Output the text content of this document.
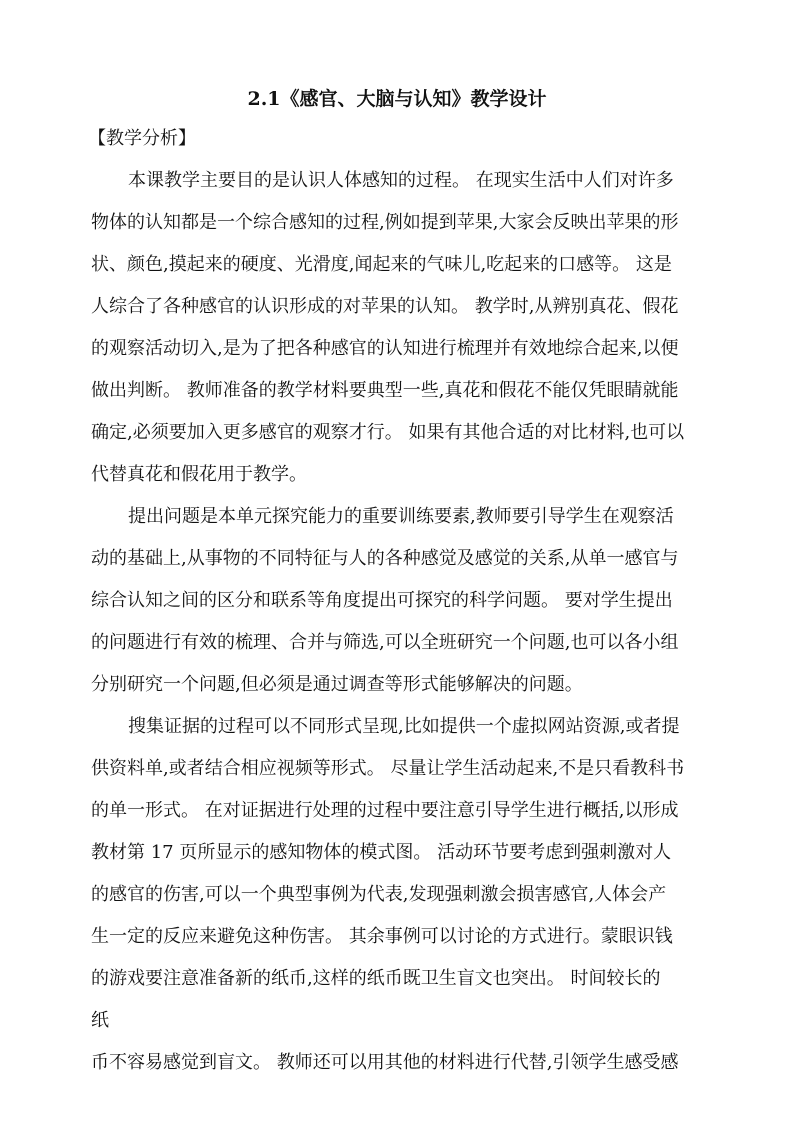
2.1《感官、大脑与认知》教学设计
【教学分析】
本课教学主要目的是认识人体感知的过程。 在现实生活中人们对许多
物体的认知都是一个综合感知的过程,例如提到苹果,大家会反映出苹果的形
状、颜色,摸起来的硬度、光滑度,闻起来的气味儿,吃起来的口感等。 这是
人综合了各种感官的认识形成的对苹果的认知。 教学时,从辨别真花、假花
的观察活动切入,是为了把各种感官的认知进行梳理并有效地综合起来,以便
做出判断。 教师准备的教学材料要典型一些,真花和假花不能仅凭眼睛就能
确定,必须要加入更多感官的观察才行。 如果有其他合适的对比材料,也可以
代替真花和假花用于教学。
提出问题是本单元探究能力的重要训练要素,教师要引导学生在观察活
动的基础上,从事物的不同特征与人的各种感觉及感觉的关系,从单一感官与
综合认知之间的区分和联系等角度提出可探究的科学问题。 要对学生提出
的问题进行有效的梳理、合并与筛选,可以全班研究一个问题,也可以各小组
分别研究一个问题,但必须是通过调查等形式能够解决的问题。
搜集证据的过程可以不同形式呈现,比如提供一个虚拟网站资源,或者提
供资料单,或者结合相应视频等形式。 尽量让学生活动起来,不是只看教科书
的单一形式。 在对证据进行处理的过程中要注意引导学生进行概括,以形成
教材第 17 页所显示的感知物体的模式图。 活动环节要考虑到强刺激对人
的感官的伤害,可以一个典型事例为代表,发现强刺激会损害感官,人体会产
生一定的反应来避免这种伤害。 其余事例可以讨论的方式进行。蒙眼识钱
的游戏要注意准备新的纸币,这样的纸币既卫生盲文也突出。 时间较长的
纸
币不容易感觉到盲文。 教师还可以用其他的材料进行代替,引领学生感受感
